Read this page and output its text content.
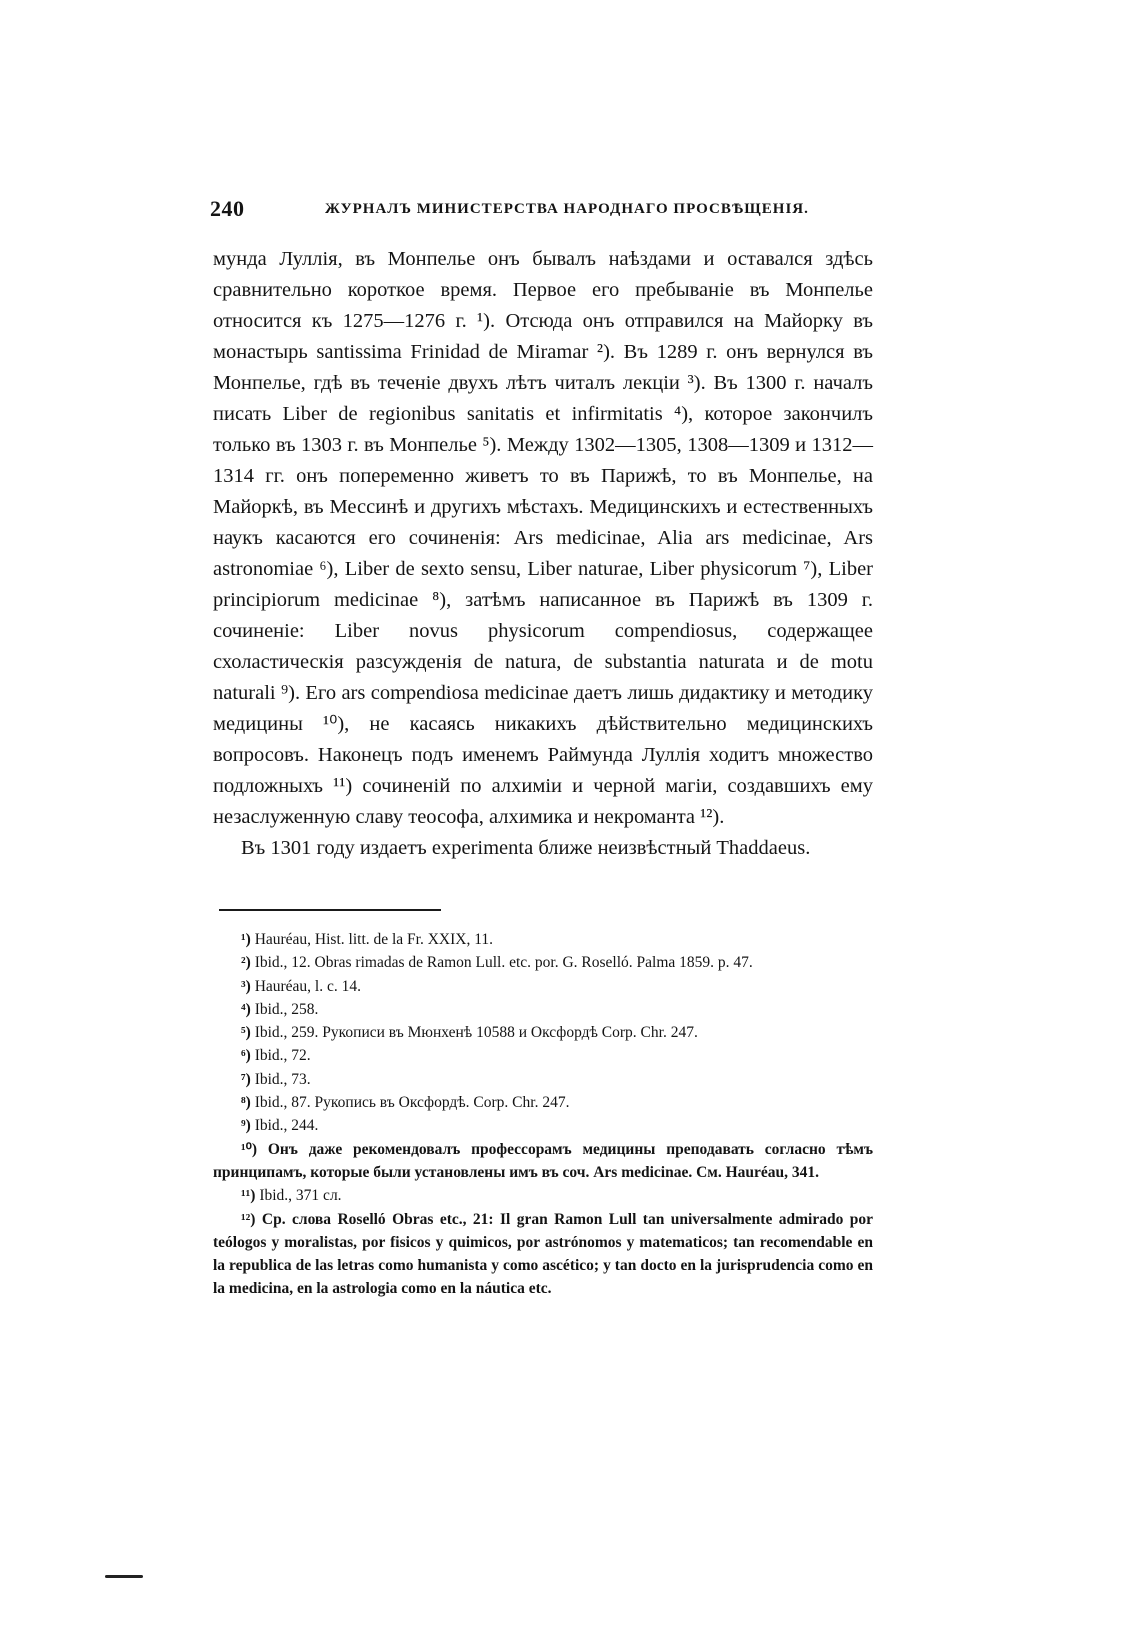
240	ЖУРНАЛЪ МИНИСТЕРСТВА НАРОДНАГО ПРОСВѢЩЕНІЯ.

мунда Луллія, въ Монпелье онъ бывалъ наѣздами и оставался здѣсь сравнительно короткое время. Первое его пребываніе въ Монпелье относится къ 1275—1276 г. ¹). Отсюда онъ отправился на Майорку въ монастырь santissima Frinidad de Miramar ²). Въ 1289 г. онъ вернулся въ Монпелье, гдѣ въ теченіе двухъ лѣтъ читалъ лекціи ³). Въ 1300 г. началъ писать Liber de regionibus sanitatis et infirmitatis ⁴), которое закончилъ только въ 1303 г. въ Монпелье ⁵). Между 1302—1305, 1308—1309 и 1312—1314 гг. онъ попеременно живетъ то въ Парижѣ, то въ Монпелье, на Майоркѣ, въ Мессинѣ и другихъ мѣстахъ. Медицинскихъ и естественныхъ наукъ касаются его сочиненія: Ars medicinae, Alia ars medicinae, Ars astronomiae ⁶), Liber de sexto sensu, Liber naturae, Liber physicorum ⁷), Liber principiorum medicinae ⁸), затѣмъ написанное въ Парижѣ въ 1309 г. сочиненіе: Liber novus physicorum compendiosus, содержащее схоластическія разсужденія de natura, de substantia naturata и de motu naturali ⁹). Его ars compendiosa medicinae даетъ лишь дидактику и методику медицины ¹⁰), не касаясь никакихъ дѣйствительно медицинскихъ вопросовъ. Наконецъ подъ именемъ Раймунда Луллія ходитъ множество подложныхъ ¹¹) сочиненій по алхиміи и черной магіи, создавшихъ ему незаслуженную славу теософа, алхимика и некроманта ¹²).

Въ 1301 году издаетъ experimenta ближе неизвѣстный Thaddaeus.

¹) Hauréau, Hist. litt. de la Fr. XXIX, 11.

²) Ibid., 12. Obras rimadas de Ramon Lull. etc. por. G. Roselló. Palma 1859. p. 47.

³) Hauréau, l. c. 14.

⁴) Ibid., 258.

⁵) Ibid., 259. Рукописи въ Мюнхенѣ 10588 и Оксфордѣ Corp. Chr. 247.

⁶) Ibid., 72.

⁷) Ibid., 73.

⁸) Ibid., 87. Рукопись въ Оксфордѣ. Corp. Chr. 247.

⁹) Ibid., 244.

¹⁰) Онъ даже рекомендовалъ профессорамъ медицины преподавать согласно тѣмъ принципамъ, которые были установлены имъ въ соч. Ars medicinae. См. Hauréau, 341.

¹¹) Ibid., 371 сл.

¹²) Ср. слова Roselló Obras etc., 21: Il gran Ramon Lull tan universalmente admirado por teólogos y moralistas, por fisicos y quimicos, por astrónomos y matematicos; tan recomendable en la republica de las letras como humanista y como ascético; y tan docto en la jurisprudencia como en la medicina, en la astrologia como en la náutica etc.
